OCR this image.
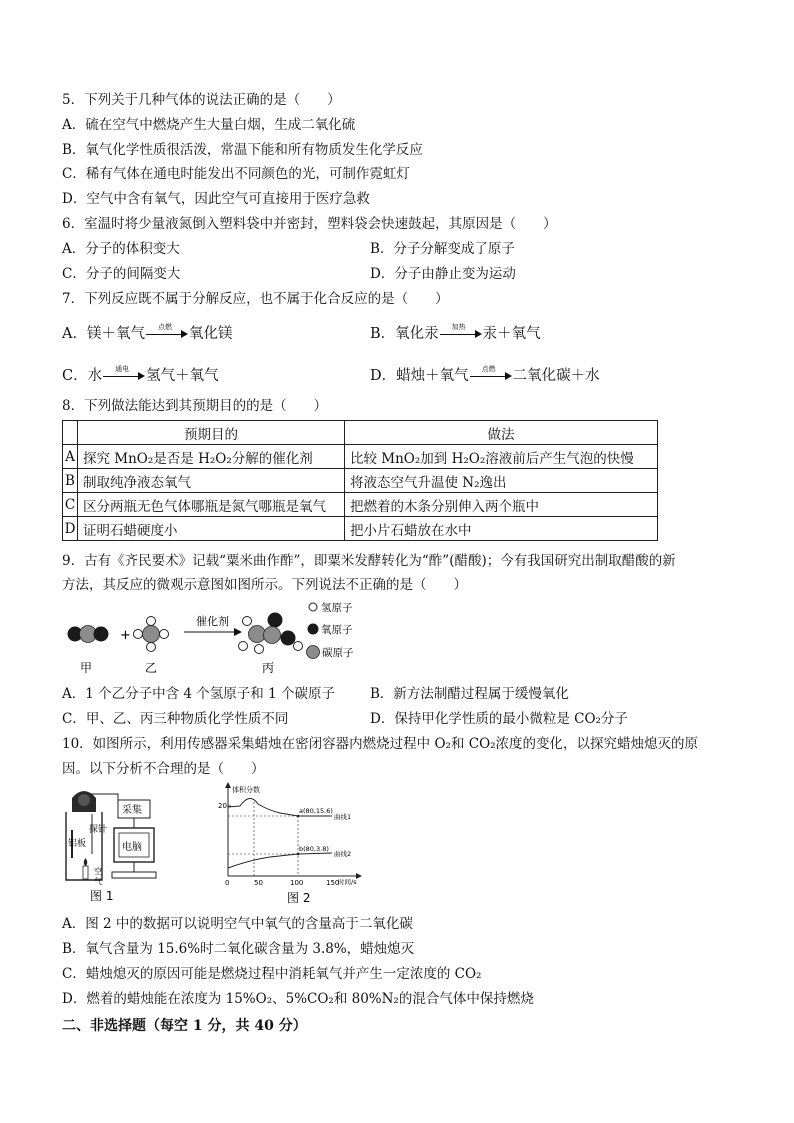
5．下列关于几种气体的说法正确的是（　　）
A．硫在空气中燃烧产生大量白烟，生成二氧化硫
B．氧气化学性质很活泼，常温下能和所有物质发生化学反应
C．稀有气体在通电时能发出不同颜色的光，可制作霓虹灯
D．空气中含有氧气，因此空气可直接用于医疗急救
6．室温时将少量液氮倒入塑料袋中并密封，塑料袋会快速鼓起，其原因是（　　）
A．分子的体积变大	B．分子分解变成了原子
C．分子的间隔变大	D．分子由静止变为运动
7．下列反应既不属于分解反应，也不属于化合反应的是（　　）
A．镁＋氧气	点燃	氧化镁	B．氧化汞	加热	汞＋氧气
C．水	通电	氢气＋氧气	D．蜡烛＋氧气	点燃	二氧化碳＋水
8．下列做法能达到其预期目的的是（　　）
	预期目的	做法
A	探究 MnO₂是否是 H₂O₂分解的催化剂	比较 MnO₂加到 H₂O₂溶液前后产生气泡的快慢
B	制取纯净液态氧气	将液态空气升温使 N₂逸出
C	区分两瓶无色气体哪瓶是氮气哪瓶是氧气	把燃着的木条分别伸入两个瓶中
D	证明石蜡硬度小	把小片石蜡放在水中
9．古有《齐民要术》记载“粟米曲作酢”，即粟米发酵转化为“酢”(醋酸)；今有我国研究出制取醋酸的新
方法，其反应的微观示意图如图所示。下列说法不正确的是（　　）
+
催化剂
氢原子
氧原子
碳原子
甲	乙	丙
A．1 个乙分子中含 4 个氢原子和 1 个碳原子	B．新方法制醋过程属于缓慢氧化
C．甲、乙、丙三种物质化学性质不同	D．保持甲化学性质的最小微粒是 CO₂分子
10．如图所示，利用传感器采集蜡烛在密闭容器内燃烧过程中 O₂和 CO₂浓度的变化，以探究蜡烛熄灭的原
因。以下分析不合理的是（　　）
探针
铝板
空
气
采集
电脑
图 1
体积分数
20
a(80,15.6)
b(80,3.8)
曲线1
曲线2
0	50	100	150
时间/s
图 2
A．图 2 中的数据可以说明空气中氧气的含量高于二氧化碳
B．氧气含量为 15.6%时二氧化碳含量为 3.8%，蜡烛熄灭
C．蜡烛熄灭的原因可能是燃烧过程中消耗氧气并产生一定浓度的 CO₂
D．燃着的蜡烛能在浓度为 15%O₂、5%CO₂和 80%N₂的混合气体中保持燃烧
二、非选择题（每空 1 分，共 40 分）
